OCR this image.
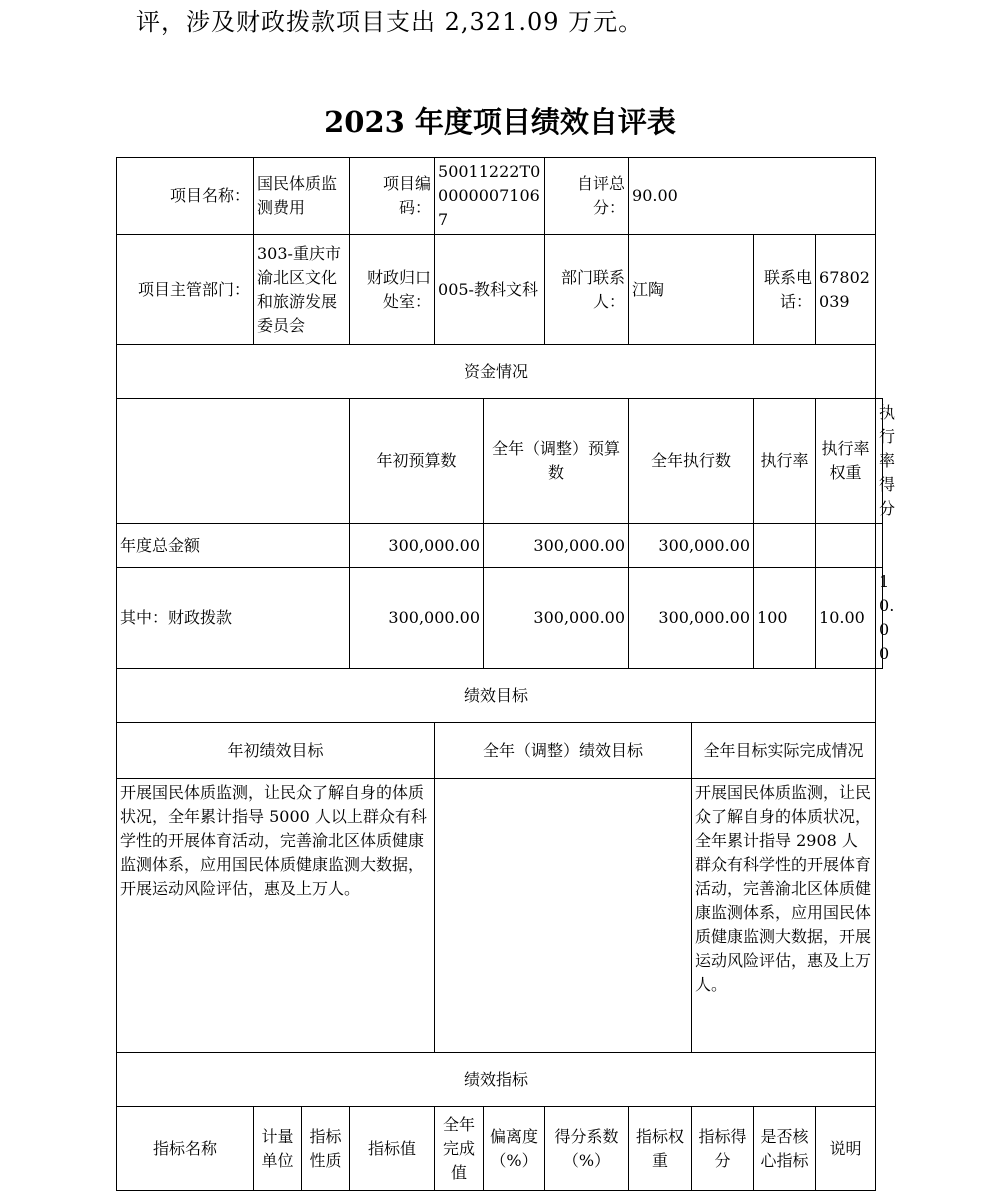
评，涉及财政拨款项目支出 2,321.09 万元。
2023 年度项目绩效自评表
项目名称：	国民体质监测费用		项目编码：	50011222T000000071067		自评总分：	90.00				
项目主管部门：	303-重庆市渝北区文化和旅游发展委员会		财政归口处室：	005-教科文科		部门联系人：	江陶		联系电话：	67802039	
资金情况											
			年初预算数		全年（调整）预算数		全年执行数		执行率	执行率权重	执行率得分
年度总金额			300,000.00		300,000.00		300,000.00				
其中：财政拨款			300,000.00		300,000.00		300,000.00		100	10.00	10.00
绩效目标											
年初绩效目标				全年（调整）绩效目标				全年目标实际完成情况			
开展国民体质监测，让民众了解自身的体质状况，全年累计指导 5000 人以上群众有科学性的开展体育活动，完善渝北区体质健康监测体系，应用国民体质健康监测大数据，开展运动风险评估，惠及上万人。								开展国民体质监测，让民众了解自身的体质状况，全年累计指导 2908 人群众有科学性的开展体育活动，完善渝北区体质健康监测体系，应用国民体质健康监测大数据，开展运动风险评估，惠及上万人。			
绩效指标											
指标名称	计量单位	指标性质	指标值	全年完成值	偏离度（%）	得分系数（%）	指标权重	指标得分	是否核心指标	说明	
